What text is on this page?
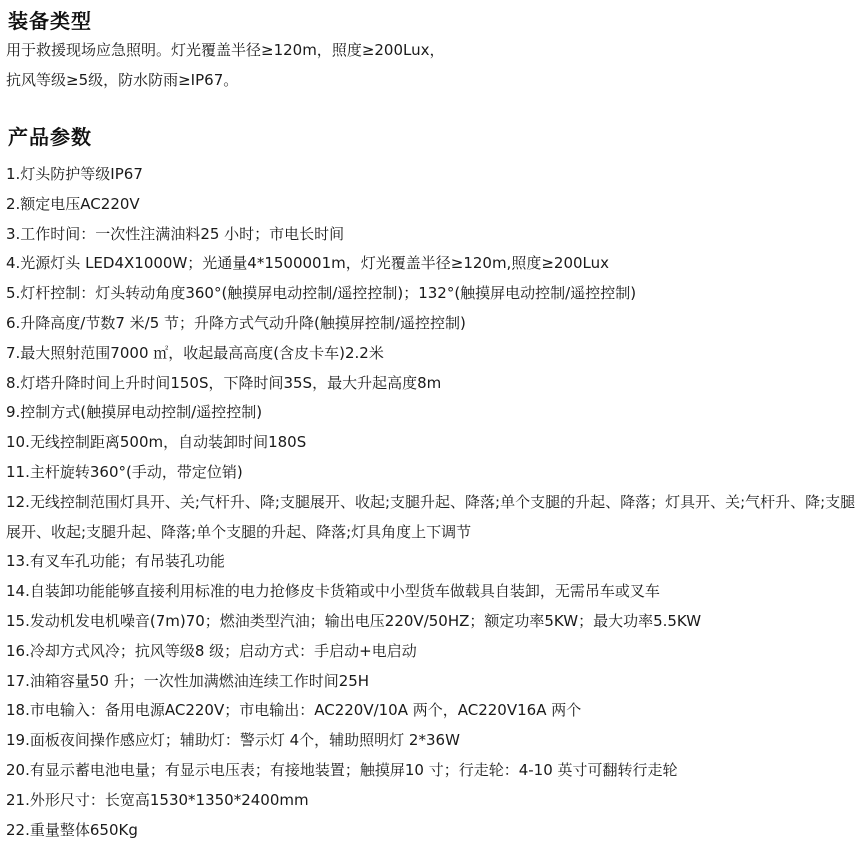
装备类型

用于救援现场应急照明。灯光覆盖半径≥120m，照度≥200Lux，

抗风等级≥5级，防水防雨≥IP67。

产品参数
1.灯头防护等级IP67
2.额定电压AC220V
3.工作时间：一次性注满油料25 小时；市电长时间
4.光源灯头 LED4X1000W；光通量4*1500001m，灯光覆盖半径≥120m,照度≥200Lux
5.灯杆控制：灯头转动角度360°(触摸屏电动控制/遥控控制)；132°(触摸屏电动控制/遥控控制)
6.升降高度/节数7 米/5 节；升降方式气动升降(触摸屏控制/遥控控制)
7.最大照射范围7000 ㎡，收起最高高度(含皮卡车)2.2米
8.灯塔升降时间上升时间150S，下降时间35S，最大升起高度8m
9.控制方式(触摸屏电动控制/遥控控制)
10.无线控制距离500m，自动装卸时间180S
11.主杆旋转360°(手动，带定位销)
12.无线控制范围灯具开、关;气杆升、降;支腿展开、收起;支腿升起、降落;单个支腿的升起、降落；灯具开、关;气杆升、降;支腿展开、收起;支腿升起、降落;单个支腿的升起、降落;灯具角度上下调节
13.有叉车孔功能；有吊装孔功能
14.自装卸功能能够直接利用标准的电力抢修皮卡货箱或中小型货车做载具自装卸，无需吊车或叉车
15.发动机发电机噪音(7m)70；燃油类型汽油；输出电压220V/50HZ；额定功率5KW；最大功率5.5KW
16.冷却方式风冷；抗风等级8 级；启动方式：手启动+电启动
17.油箱容量50 升；一次性加满燃油连续工作时间25H
18.市电输入：备用电源AC220V；市电输出：AC220V/10A 两个，AC220V16A 两个
19.面板夜间操作感应灯；辅助灯：警示灯 4个，辅助照明灯 2*36W
20.有显示蓄电池电量；有显示电压表；有接地装置；触摸屏10 寸；行走轮：4-10 英寸可翻转行走轮
21.外形尺寸：长宽高1530*1350*2400mm
22.重量整体650Kg
